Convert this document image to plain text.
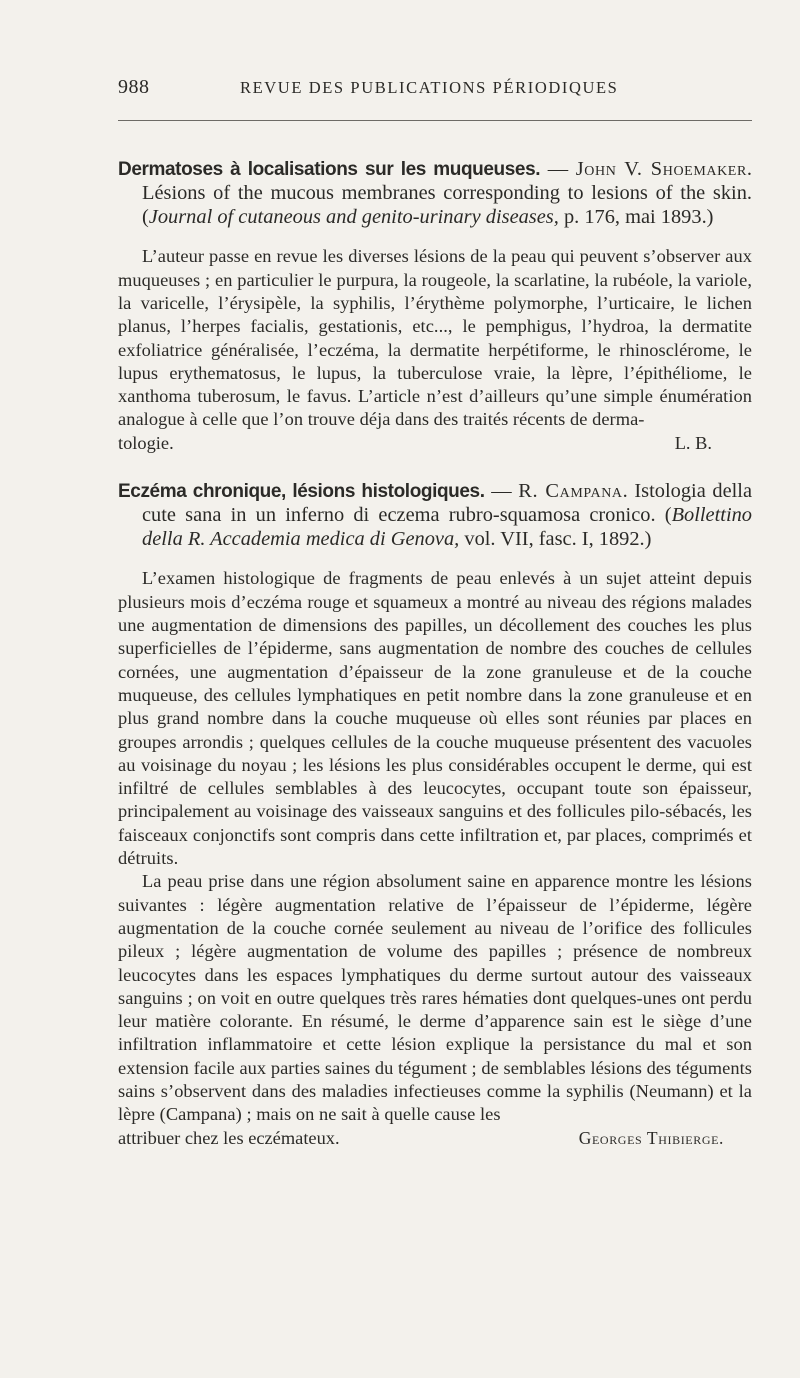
988	REVUE DES PUBLICATIONS PÉRIODIQUES

Dermatoses à localisations sur les muqueuses. — John V. Shoemaker. Lésions of the mucous membranes corresponding to lesions of the skin. (Journal of cutaneous and genito-urinary diseases, p. 176, mai 1893.)

L’auteur passe en revue les diverses lésions de la peau qui peuvent s’observer aux muqueuses ; en particulier le purpura, la rougeole, la scarlatine, la rubéole, la variole, la varicelle, l’érysipèle, la syphilis, l’érythème polymorphe, l’urticaire, le lichen planus, l’herpes facialis, gestationis, etc..., le pemphigus, l’hydroa, la dermatite exfoliatrice généralisée, l’eczéma, la dermatite herpétiforme, le rhinosclérome, le lupus erythematosus, le lupus, la tuberculose vraie, la lèpre, l’épithéliome, le xanthoma tuberosum, le favus. L’article n’est d’ailleurs qu’une simple énumération analogue à celle que l’on trouve déja dans des traités récents de derma-

tologie.	L. B.

Eczéma chronique, lésions histologiques. — R. Campana. Istologia della cute sana in un inferno di eczema rubro-squamosa cronico. (Bollettino della R. Accademia medica di Genova, vol. VII, fasc. I, 1892.)

L’examen histologique de fragments de peau enlevés à un sujet atteint depuis plusieurs mois d’eczéma rouge et squameux a montré au niveau des régions malades une augmentation de dimensions des papilles, un décollement des couches les plus superficielles de l’épiderme, sans augmentation de nombre des couches de cellules cornées, une augmentation d’épaisseur de la zone granuleuse et de la couche muqueuse, des cellules lymphatiques en petit nombre dans la zone granuleuse et en plus grand nombre dans la couche muqueuse où elles sont réunies par places en groupes arrondis ; quelques cellules de la couche muqueuse présentent des vacuoles au voisinage du noyau ; les lésions les plus considérables occupent le derme, qui est infiltré de cellules semblables à des leucocytes, occupant toute son épaisseur, principalement au voisinage des vaisseaux sanguins et des follicules pilo-sébacés, les faisceaux conjonctifs sont compris dans cette infiltration et, par places, comprimés et détruits.

La peau prise dans une région absolument saine en apparence montre les lésions suivantes : légère augmentation relative de l’épaisseur de l’épiderme, légère augmentation de la couche cornée seulement au niveau de l’orifice des follicules pileux ; légère augmentation de volume des papilles ; présence de nombreux leucocytes dans les espaces lymphatiques du derme surtout autour des vaisseaux sanguins ; on voit en outre quelques très rares hématies dont quelques-unes ont perdu leur matière colorante. En résumé, le derme d’apparence sain est le siège d’une infiltration inflammatoire et cette lésion explique la persistance du mal et son extension facile aux parties saines du tégument ; de semblables lésions des téguments sains s’observent dans des maladies infectieuses comme la syphilis (Neumann) et la lèpre (Campana) ; mais on ne sait à quelle cause les

attribuer chez les eczémateux.	Georges Thibierge.
